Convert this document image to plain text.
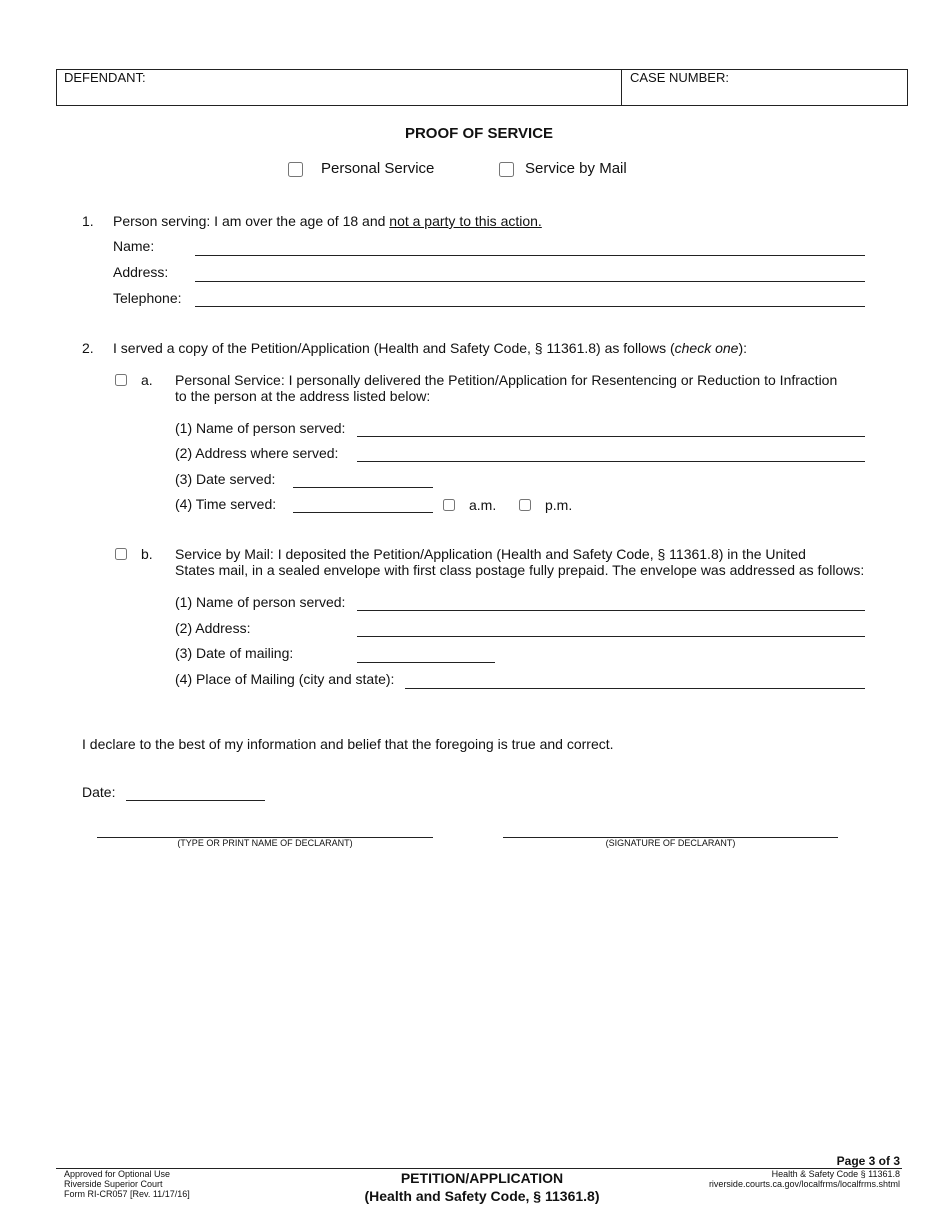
DEFENDANT:	CASE NUMBER:
PROOF OF SERVICE
Personal Service	Service by Mail
1. Person serving: I am over the age of 18 and not a party to this action.
Name:
Address:
Telephone:
2. I served a copy of the Petition/Application (Health and Safety Code, § 11361.8) as follows (check one):
a. Personal Service: I personally delivered the Petition/Application for Resentencing or Reduction to Infraction
to the person at the address listed below:
(1) Name of person served:
(2) Address where served:
(3) Date served:
(4) Time served:	a.m.	p.m.
b. Service by Mail: I deposited the Petition/Application (Health and Safety Code, § 11361.8) in the United
States mail, in a sealed envelope with first class postage fully prepaid. The envelope was addressed as follows:
(1) Name of person served:
(2) Address:
(3) Date of mailing:
(4) Place of Mailing (city and state):
I declare to the best of my information and belief that the foregoing is true and correct.
Date:
(TYPE OR PRINT NAME OF DECLARANT)	(SIGNATURE OF DECLARANT)
Page 3 of 3
Approved for Optional Use
Riverside Superior Court
Form RI-CR057 [Rev. 11/17/16]
PETITION/APPLICATION
(Health and Safety Code, § 11361.8)
Health & Safety Code § 11361.8
riverside.courts.ca.gov/localfrms/localfrms.shtml
